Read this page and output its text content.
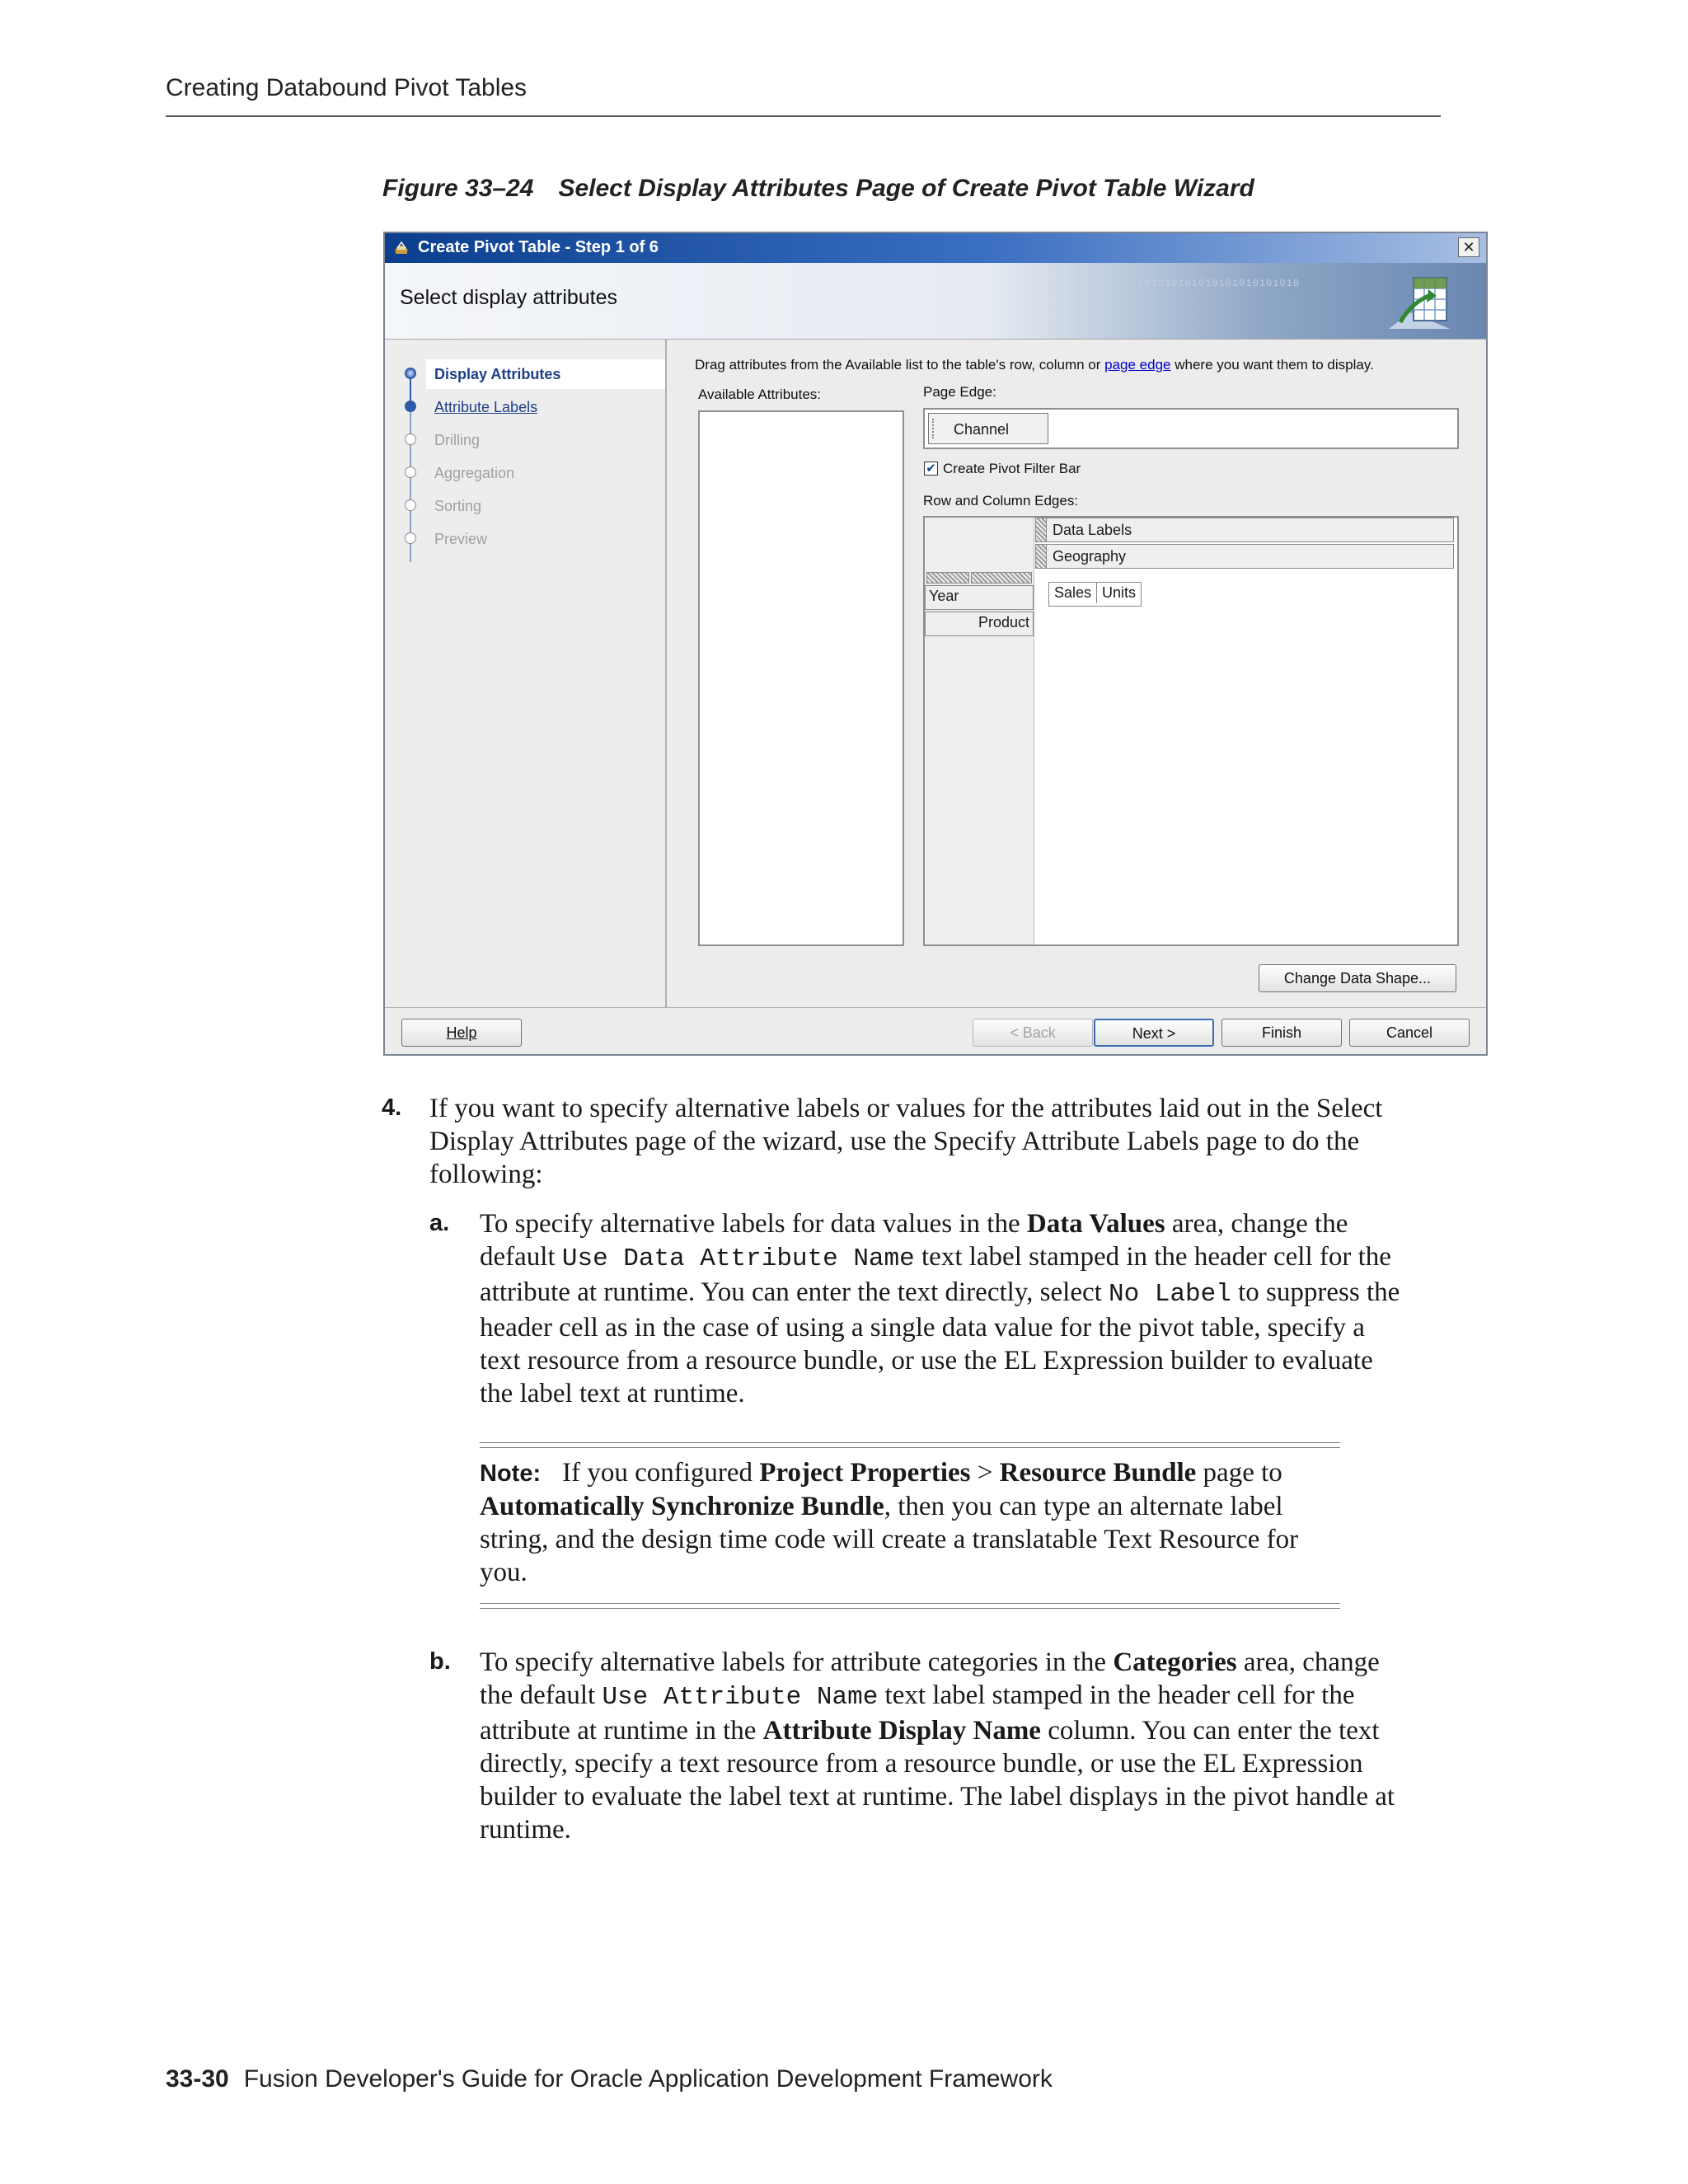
Creating Databound Pivot Tables
Figure 33–24 Select Display Attributes Page of Create Pivot Table Wizard
Create Pivot Table - Step 1 of 6	✕
Select display attributes
0101010101010101010101010
Display Attributes
Attribute Labels
Drilling
Aggregation
Sorting
Preview
Drag attributes from the Available list to the table's row, column or page edge where you want them to display.
Available Attributes:	Page Edge:
Channel
✔ Create Pivot Filter Bar
Row and Column Edges:
Data Labels
Geography
Year
Product
Sales Units
Change Data Shape...
Help	< Back	Next >	Finish	Cancel
4. If you want to specify alternative labels or values for the attributes laid out in the Select Display Attributes page of the wizard, use the Specify Attribute Labels page to do the following:
a. To specify alternative labels for data values in the Data Values area, change the default Use Data Attribute Name text label stamped in the header cell for the attribute at runtime. You can enter the text directly, select No Label to suppress the header cell as in the case of using a single data value for the pivot table, specify a text resource from a resource bundle, or use the EL Expression builder to evaluate the label text at runtime.
Note: If you configured Project Properties > Resource Bundle page to Automatically Synchronize Bundle, then you can type an alternate label string, and the design time code will create a translatable Text Resource for you.
b. To specify alternative labels for attribute categories in the Categories area, change the default Use Attribute Name text label stamped in the header cell for the attribute at runtime in the Attribute Display Name column. You can enter the text directly, specify a text resource from a resource bundle, or use the EL Expression builder to evaluate the label text at runtime. The label displays in the pivot handle at runtime.
33-30 Fusion Developer's Guide for Oracle Application Development Framework
